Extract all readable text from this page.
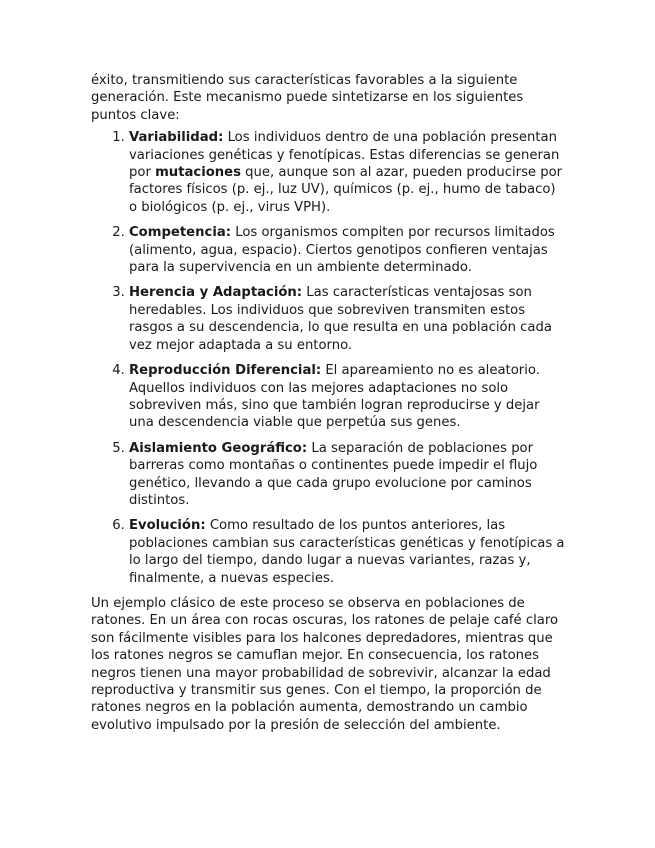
éxito, transmitiendo sus características favorables a la siguiente generación. Este mecanismo puede sintetizarse en los siguientes puntos clave:

1. Variabilidad: Los individuos dentro de una población presentan variaciones genéticas y fenotípicas. Estas diferencias se generan por mutaciones que, aunque son al azar, pueden producirse por factores físicos (p. ej., luz UV), químicos (p. ej., humo de tabaco) o biológicos (p. ej., virus VPH).
2. Competencia: Los organismos compiten por recursos limitados (alimento, agua, espacio). Ciertos genotipos confieren ventajas para la supervivencia en un ambiente determinado.
3. Herencia y Adaptación: Las características ventajosas son heredables. Los individuos que sobreviven transmiten estos rasgos a su descendencia, lo que resulta en una población cada vez mejor adaptada a su entorno.
4. Reproducción Diferencial: El apareamiento no es aleatorio. Aquellos individuos con las mejores adaptaciones no solo sobreviven más, sino que también logran reproducirse y dejar una descendencia viable que perpetúa sus genes.
5. Aislamiento Geográfico: La separación de poblaciones por barreras como montañas o continentes puede impedir el flujo genético, llevando a que cada grupo evolucione por caminos distintos.
6. Evolución: Como resultado de los puntos anteriores, las poblaciones cambian sus características genéticas y fenotípicas a lo largo del tiempo, dando lugar a nuevas variantes, razas y, finalmente, a nuevas especies.

Un ejemplo clásico de este proceso se observa en poblaciones de ratones. En un área con rocas oscuras, los ratones de pelaje café claro son fácilmente visibles para los halcones depredadores, mientras que los ratones negros se camuflan mejor. En consecuencia, los ratones negros tienen una mayor probabilidad de sobrevivir, alcanzar la edad reproductiva y transmitir sus genes. Con el tiempo, la proporción de ratones negros en la población aumenta, demostrando un cambio evolutivo impulsado por la presión de selección del ambiente.
